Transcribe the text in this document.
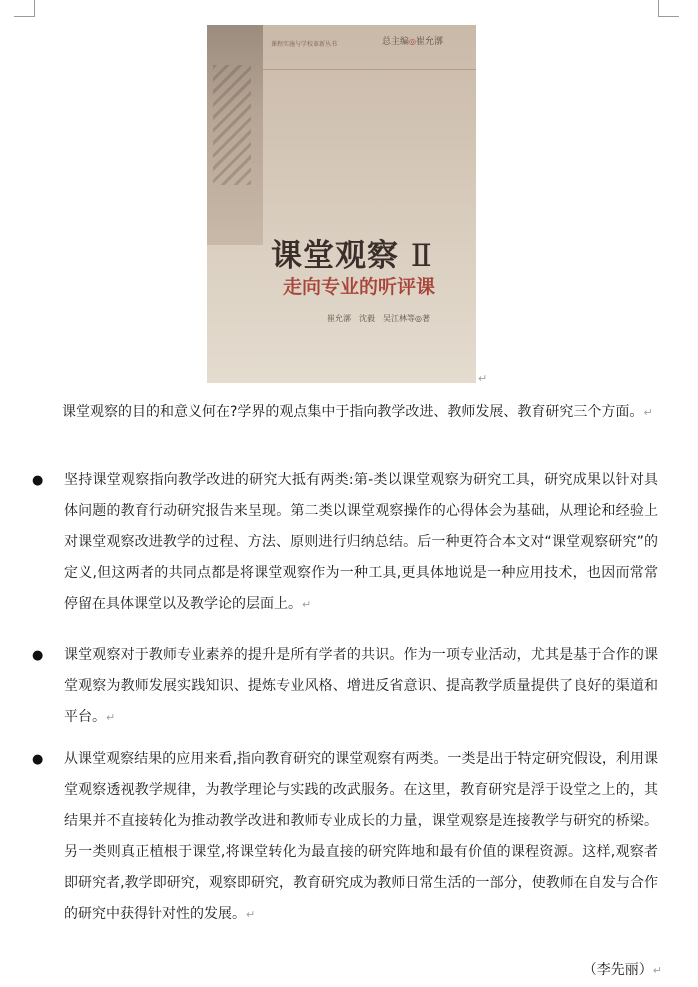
课程实施与学校革新丛书	总主编◎崔允漷
课堂观察 Ⅱ
走向专业的听评课
崔允漷　沈毅　吴江林等◎著
↵

课堂观察的目的和意义何在?学界的观点集中于指向教学改进、教师发展、教育研究三个方面。↵

● 坚持课堂观察指向教学改进的研究大抵有两类:第-类以课堂观察为研究工具，研究成果以针对具体问题的教育行动研究报告来呈现。第二类以课堂观察操作的心得体会为基础，从理论和经验上对课堂观察改进教学的过程、方法、原则进行归纳总结。后一种更符合本文对“课堂观察研究”的定义,但这两者的共同点都是将课堂观察作为一种工具,更具体地说是一种应用技术，也因而常常停留在具体课堂以及教学论的层面上。↵

● 课堂观察对于教师专业素养的提升是所有学者的共识。作为一项专业活动，尤其是基于合作的课堂观察为教师发展实践知识、提炼专业风格、增进反省意识、提高教学质量提供了良好的渠道和平台。↵

● 从课堂观察结果的应用来看,指向教育研究的课堂观察有两类。一类是出于特定研究假设，利用课堂观察透视教学规律，为教学理论与实践的改武服务。在这里，教育研究是浮于设堂之上的，其结果并不直接转化为推动教学改进和教师专业成长的力量，课堂观察是连接教学与研究的桥梁。另一类则真正植根于课堂,将课堂转化为最直接的研究阵地和最有价值的课程资源。这样,观察者即研究者,教学即研究，观察即研究，教育研究成为教师日常生活的一部分，使教师在自发与合作的研究中获得针对性的发展。↵

（李先丽）↵
